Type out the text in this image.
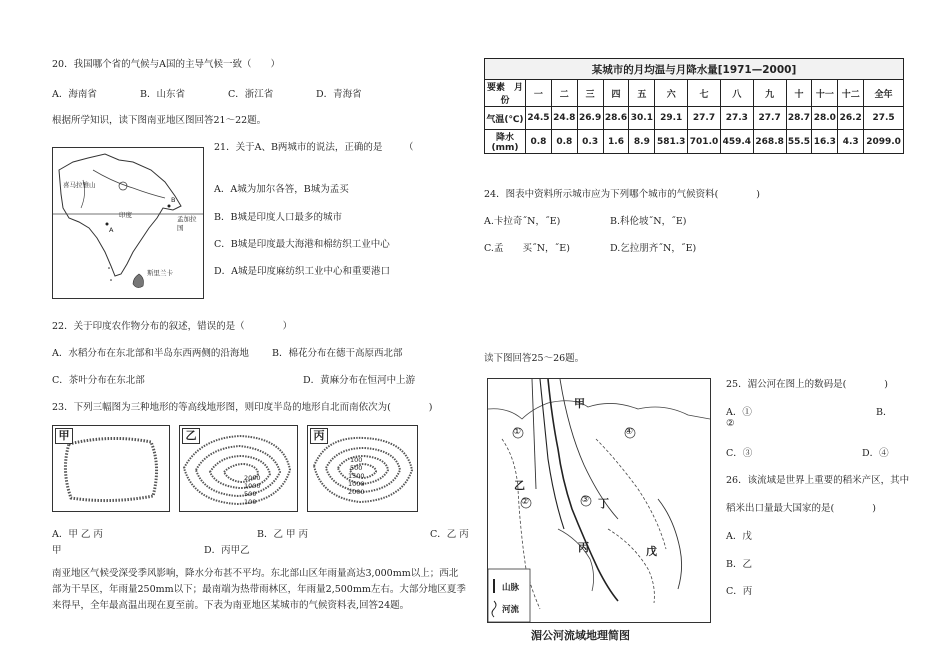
20．我国哪个省的气候与A国的主导气候一致（　　）
A．海南省	B．山东省	C．浙江省	D．青海省
根据所学知识，读下图南亚地区图回答21～22题。
喜马拉雅山
印度	孟加拉国
A
B
斯里兰卡
21．关于A、B两城市的说法，正确的是 （
A．A城为加尔各答，B城为孟买
B．B城是印度人口最多的城市
C．B城是印度最大海港和棉纺织工业中心
D．A城是印度麻纺织工业中心和重要港口
22．关于印度农作物分布的叙述，错误的是（　　　　）
A．水稻分布在东北部和半岛东西两侧的沿海地 B．棉花分布在德干高原西北部
C．茶叶分布在东北部	D．黄麻分布在恒河中上游
23．下列三幅图为三种地形的等高线地形图，则印度半岛的地形自北而南依次为(　　　　)
甲	乙
2000
1000
500
100
丙
100
500
1500
1000
2000
A．甲 乙 丙	B．乙 甲 丙	C．乙 丙
甲	D．丙甲乙
南亚地区气候受深受季风影响，降水分布甚不平均。东北部山区年雨量高达3,000mm以上；西北
部为干旱区，年雨量250mm以下；最南端为热带雨林区，年雨量2,500mm左右。大部分地区夏季
来得早，全年最高温出现在夏至前。下表为南亚地区某城市的气候资料表,回答24题。
某城市的月均温与月降水量[1971—2000]													
要素　月份	一	二	三	四	五	六	七	八	九	十	十一	十二	全年
气温(℃)	24.5	24.8	26.9	28.6	30.1	29.1	27.7	27.3	27.7	28.7	28.0	26.2	27.5
降水(mm)	0.8	0.8	0.3	1.6	8.9	581.3	701.0	459.4	268.8	55.5	16.3	4.3	2099.0
24．图表中资料所示城市应为下列哪个城市的气候资料(　　　　)
A.卡拉奇˝N，˝E)	B.科伦坡˝N，˝E)
C.孟　　买˝N，˝E)	D.乞拉朋齐˝N，˝E)
读下图回答25～26题。
甲
乙
丙
丁
戊
①
②	③
④
山脉
河流
湄公河流域地理简图
25．湄公河在图上的数码是(　　　　)
A．①	B．
②
C．③	D．④
26．该流域是世界上重要的稻米产区，其中
稻米出口量最大国家的是(　　　　)
A．戊
B．乙
C．丙
